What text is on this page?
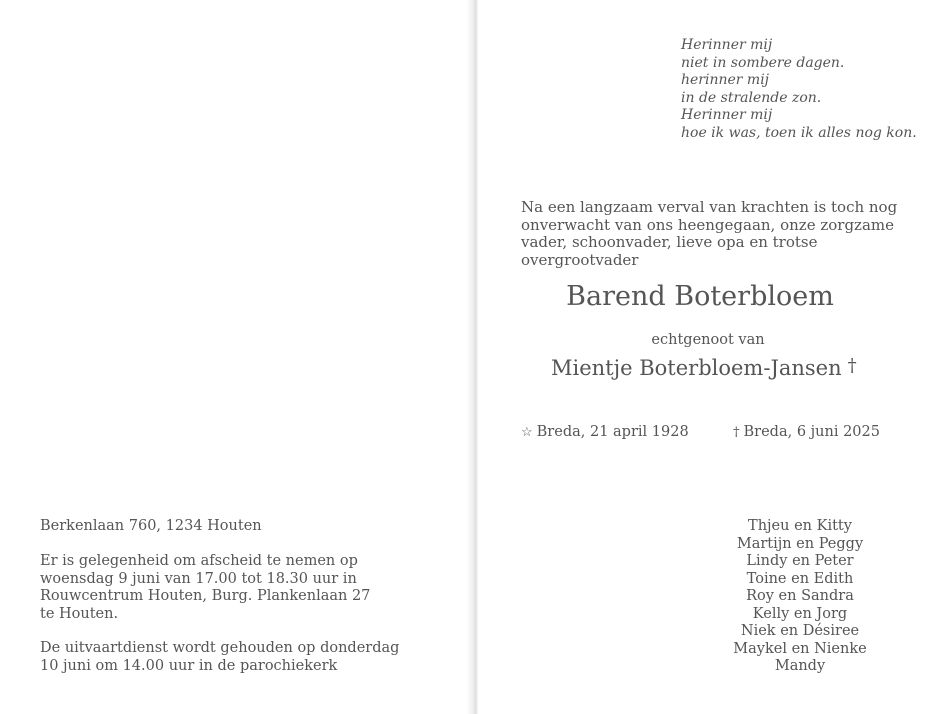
Herinner mij
niet in sombere dagen.
herinner mij
in de stralende zon.
Herinner mij
hoe ik was, toen ik alles nog kon.
Na een langzaam verval van krachten is toch nog
onverwacht van ons heengegaan, onze zorgzame
vader, schoonvader, lieve opa en trotse
overgrootvader
Barend Boterbloem
echtgenoot van
Mientje Boterbloem-Jansen †
☆ Breda, 21 april 1928	† Breda, 6 juni 2025
Berkenlaan 760, 1234 Houten
Er is gelegenheid om afscheid te nemen op
woensdag 9 juni van 17.00 tot 18.30 uur in
Rouwcentrum Houten, Burg. Plankenlaan 27
te Houten.
De uitvaartdienst wordt gehouden op donderdag
10 juni om 14.00 uur in de parochiekerk
Thjeu en Kitty
Martijn en Peggy
Lindy en Peter
Toine en Edith
Roy en Sandra
Kelly en Jorg
Niek en Désiree
Maykel en Nienke
Mandy
